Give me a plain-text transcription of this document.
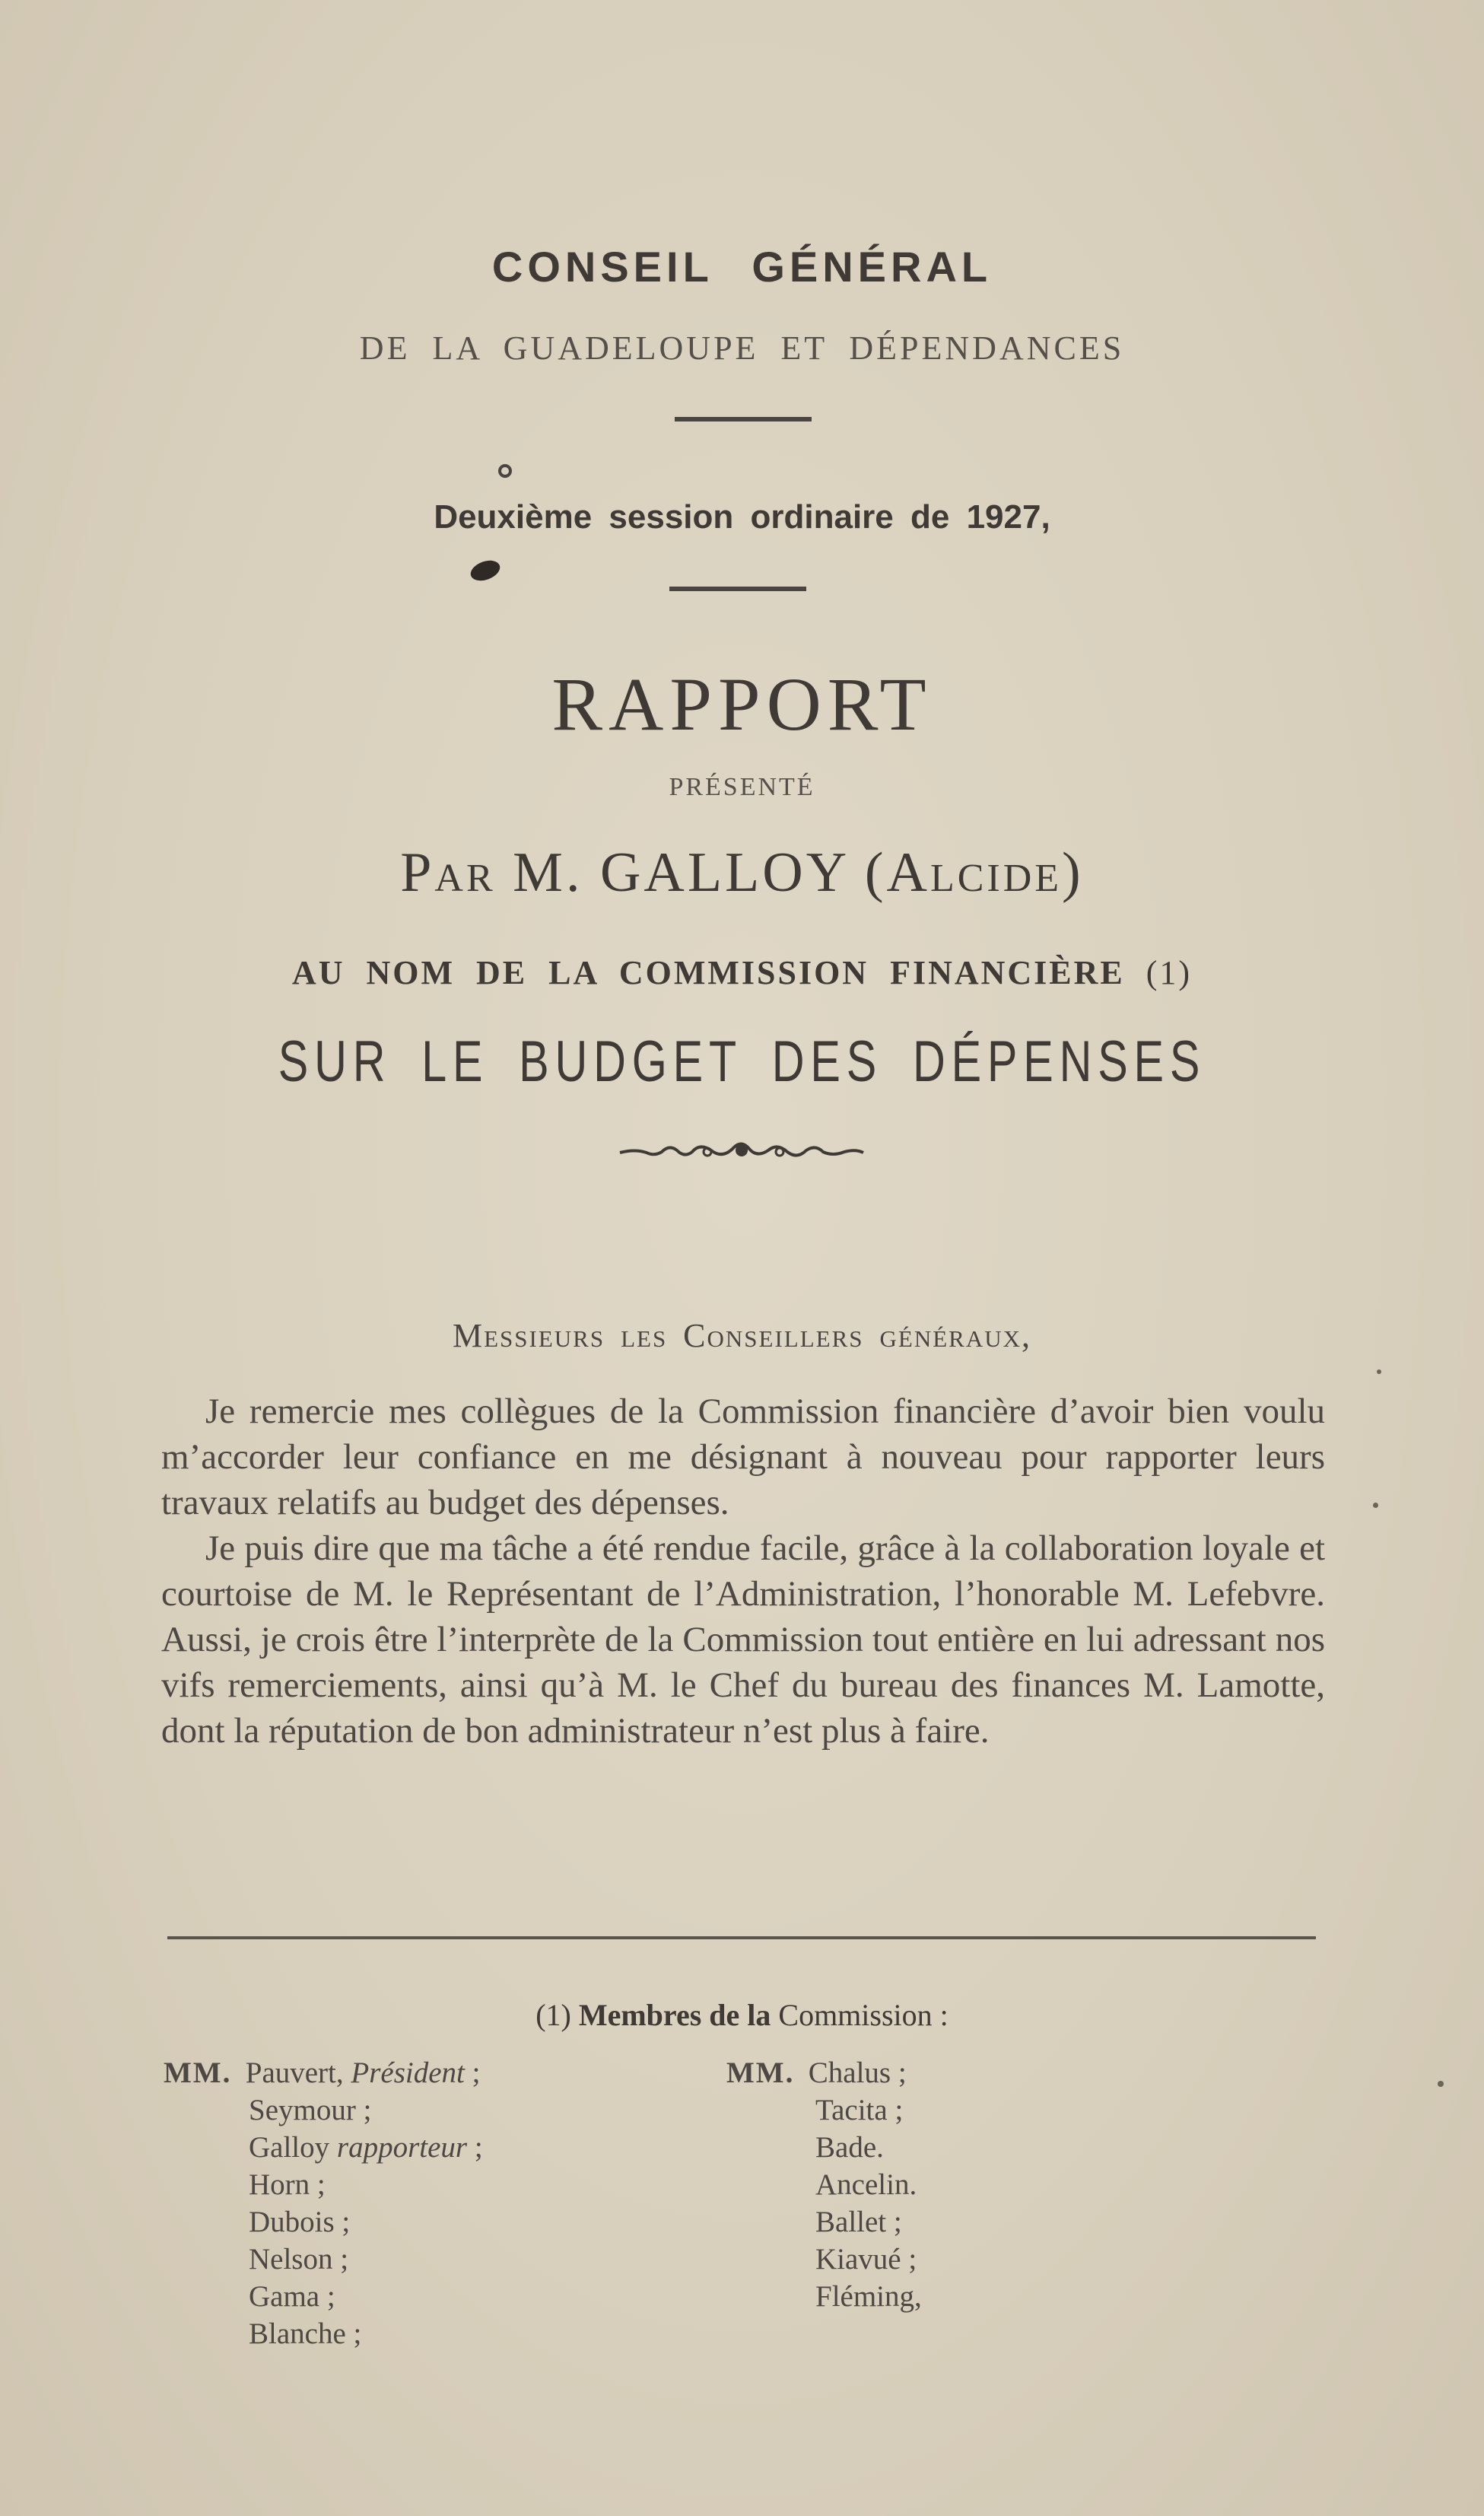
CONSEIL GÉNÉRAL
DE LA GUADELOUPE ET DÉPENDANCES
Deuxième session ordinaire de 1927,
RAPPORT
PRÉSENTÉ
Par M. GALLOY (Alcide)
AU NOM DE LA COMMISSION FINANCIÈRE (1)
SUR LE BUDGET DES DÉPENSES
Messieurs les Conseillers généraux,

Je remercie mes collègues de la Commission financière d’avoir bien voulu m’accorder leur confiance en me désignant à nouveau pour rapporter leurs travaux relatifs au budget des dépenses.

Je puis dire que ma tâche a été rendue facile, grâce à la collaboration loyale et courtoise de M. le Représentant de l’Administration, l’honorable M. Lefebvre. Aussi, je crois être l’interprète de la Commission tout entière en lui adressant nos vifs remerciements, ainsi qu’à M. le Chef du bureau des finances M. Lamotte, dont la réputation de bon administrateur n’est plus à faire.

(1) Membres de la Commission :
MM. Pauvert, Président ;
Seymour ;
Galloy rapporteur ;
Horn ;
Dubois ;
Nelson ;
Gama ;
Blanche ;
MM. Chalus ;
Tacita ;
Bade.
Ancelin.
Ballet ;
Kiavué ;
Fléming,
